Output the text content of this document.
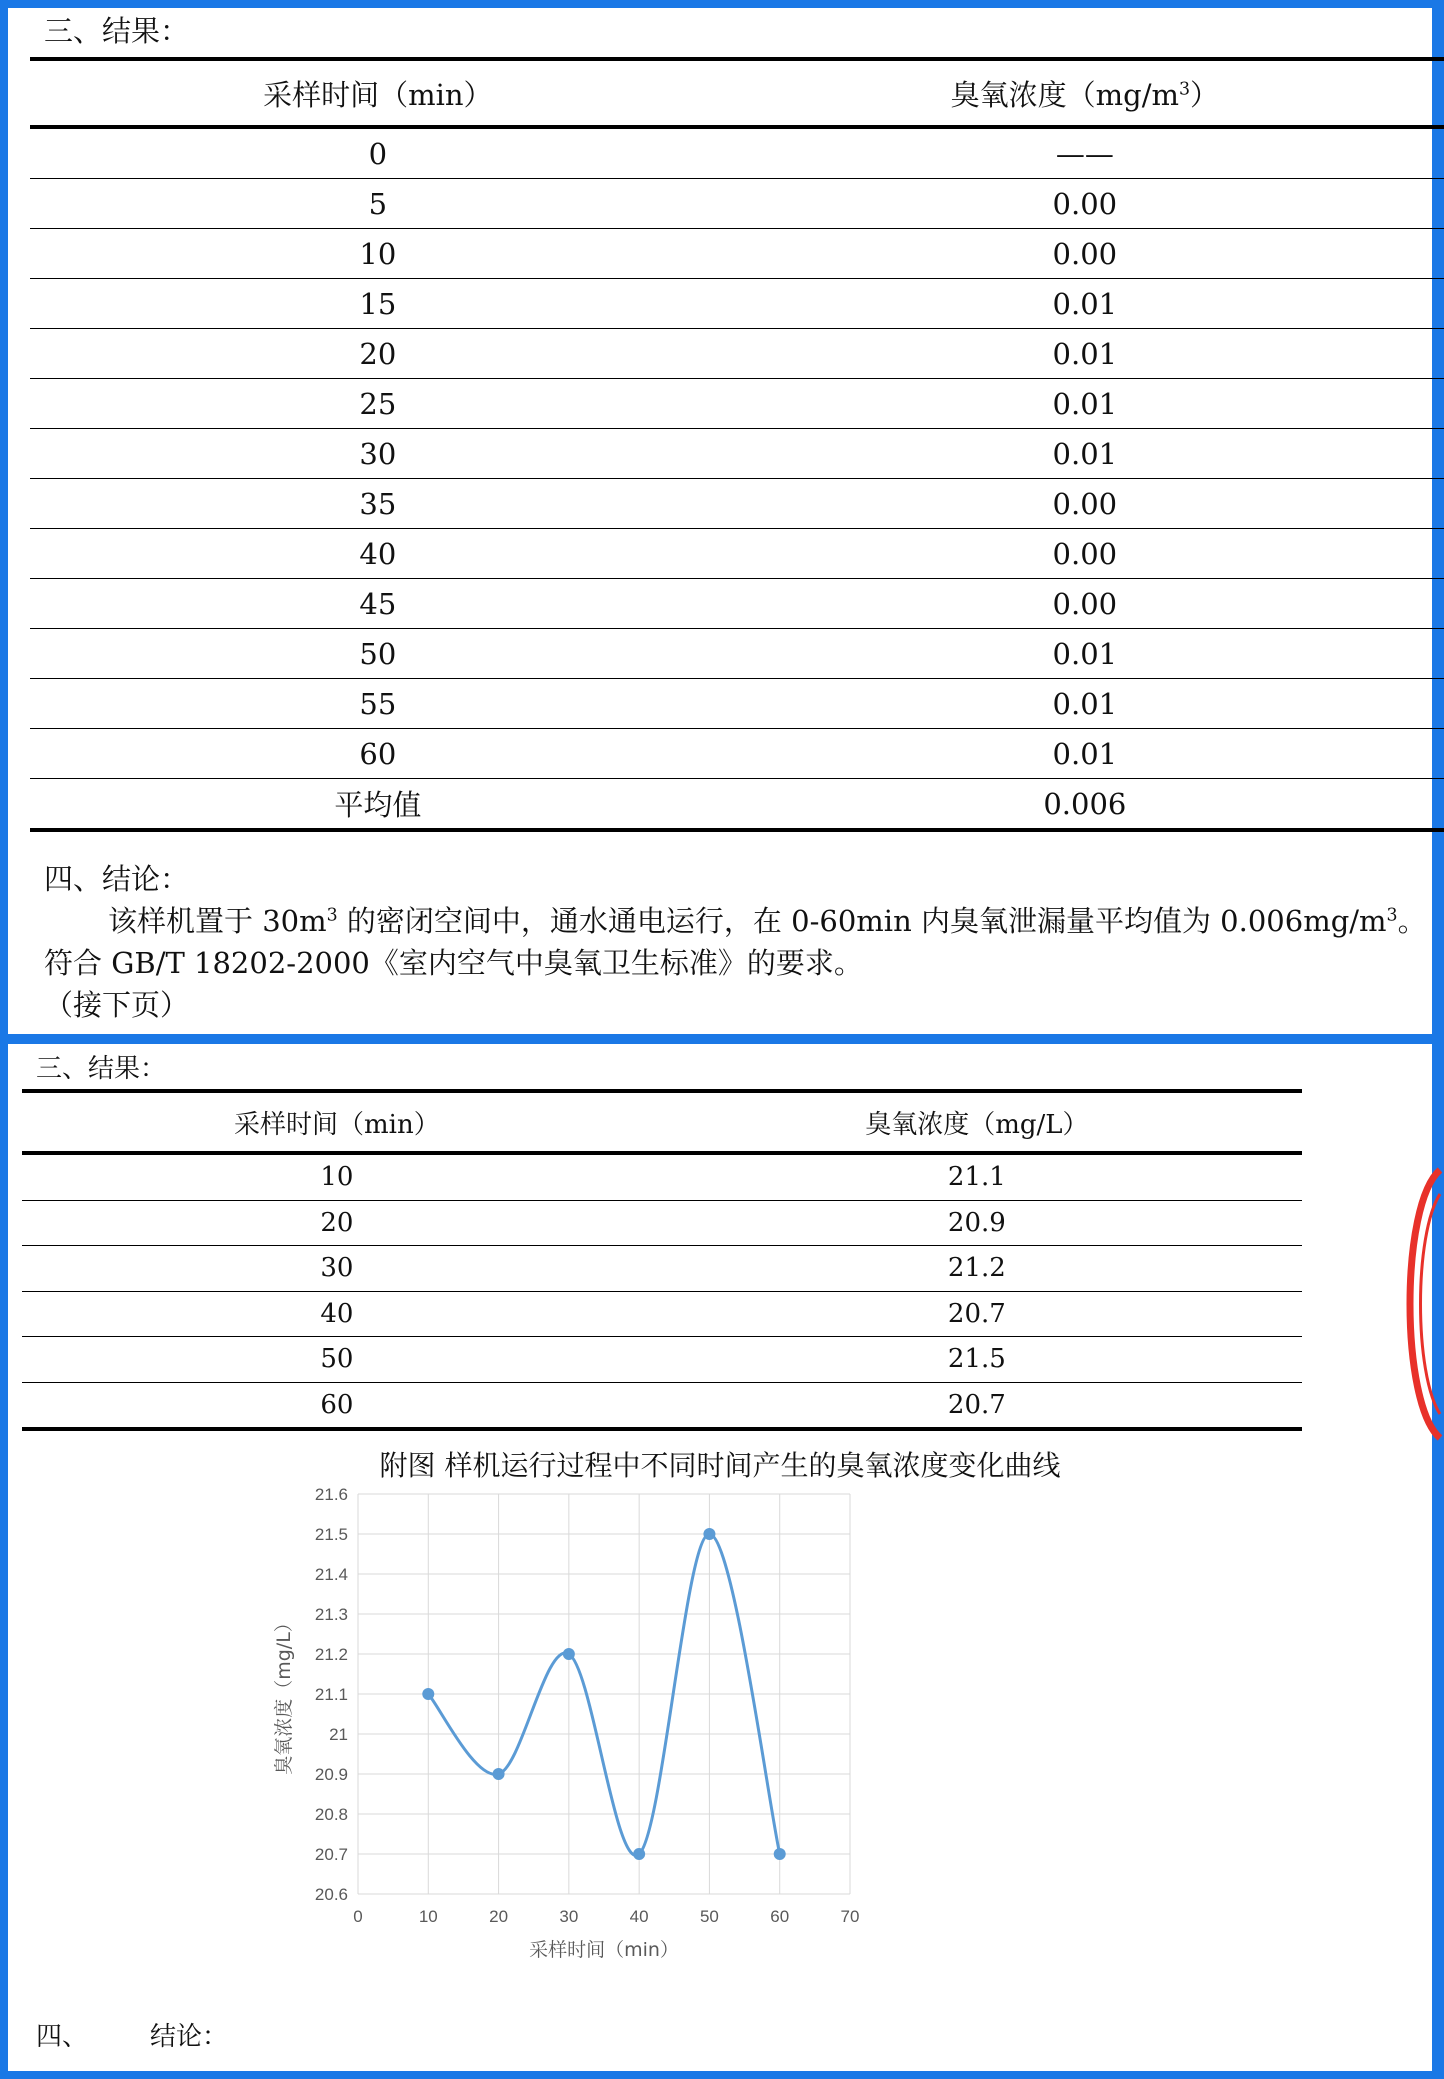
三、结果：
采样时间（min）	臭氧浓度$(mg/m^3)$
0	——
5	0.00
10	0.00
15	0.01
20	0.01
25	0.01
30	0.01
35	0.00
40	0.00
45	0.00
50	0.01
55	0.01
60	0.01
平均值	0.006
四、结论：
该样机置于 $30m^3$ 的密闭空间中，通水通电运行，在 0-60min 内臭氧泄漏量平均值为 $0.006mg/m^3$。
符合 GB/T 18202-2000《室内空气中臭氧卫生标准》的要求。
（接下页）
三、结果：
采样时间（min）	臭氧浓度（mg/L）
10	21.1
20	20.9
30	21.2
40	20.7
50	21.5
60	20.7
附图 样机运行过程中不同时间产生的臭氧浓度变化曲线
20.6
20.7
20.8
20.9
21
21.1
21.2
21.3
21.4
21.5
21.6
0	10	20	30	40	50	60	70
采样时间（min）
臭氧浓度（mg/L）
四、 结论：
